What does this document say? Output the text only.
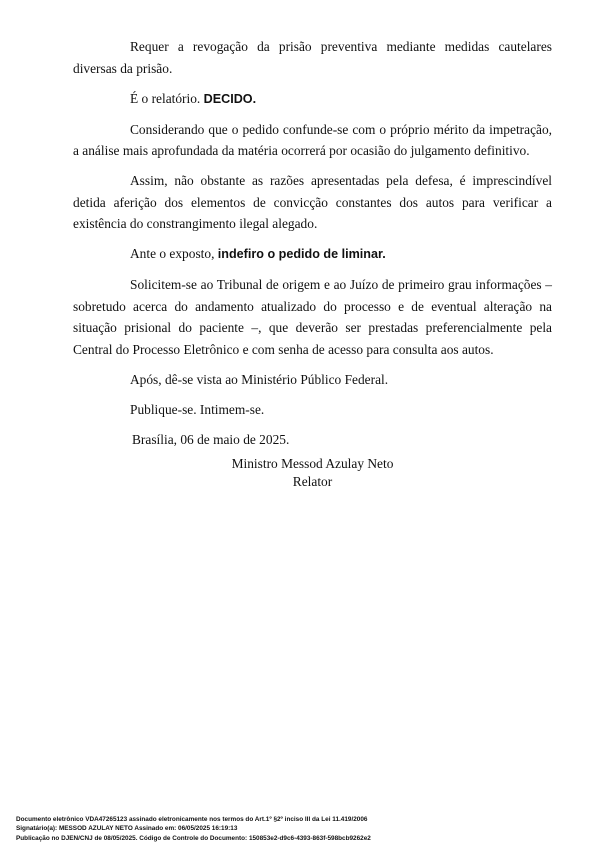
Requer a revogação da prisão preventiva mediante medidas cautelares diversas da prisão.

É o relatório. DECIDO.

Considerando que o pedido confunde-se com o próprio mérito da impetração, a análise mais aprofundada da matéria ocorrerá por ocasião do julgamento definitivo.

Assim, não obstante as razões apresentadas pela defesa, é imprescindível detida aferição dos elementos de convicção constantes dos autos para verificar a existência do constrangimento ilegal alegado.

Ante o exposto, indefiro o pedido de liminar.

Solicitem-se ao Tribunal de origem e ao Juízo de primeiro grau informações – sobretudo acerca do andamento atualizado do processo e de eventual alteração na situação prisional do paciente –, que deverão ser prestadas preferencialmente pela Central do Processo Eletrônico e com senha de acesso para consulta aos autos.

Após, dê-se vista ao Ministério Público Federal.

Publique-se. Intimem-se.

Brasília, 06 de maio de 2025.

Ministro Messod Azulay Neto
Relator
Documento eletrônico VDA47265123 assinado eletronicamente nos termos do Art.1º §2º inciso III da Lei 11.419/2006
Signatário(a): MESSOD AZULAY NETO Assinado em: 06/05/2025 16:19:13
Publicação no DJEN/CNJ de 08/05/2025. Código de Controle do Documento: 150853e2-d9c6-4393-863f-598bcb9262e2
